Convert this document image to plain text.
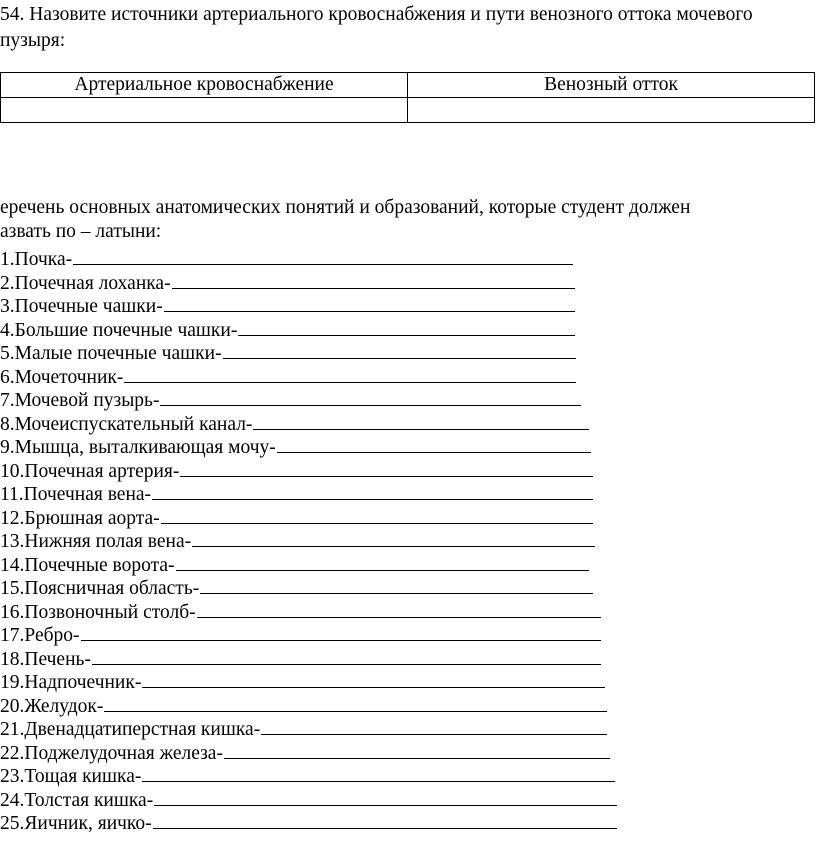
54. Назовите источники артериального кровоснабжения и пути венозного оттока мочевого
пузыря:
Артериальное кровоснабжение	Венозный отток

еречень основных анатомических понятий и образований, которые студент должен
азвать по – латыни:
1.Почка-
2.Почечная лоханка-
3.Почечные чашки-
4.Большие почечные чашки-
5.Малые почечные чашки-
6.Мочеточник-
7.Мочевой пузырь-
8.Мочеиспускательный канал-
9.Мышца, выталкивающая мочу-
10.Почечная артерия-
11.Почечная вена-
12.Брюшная аорта-
13.Нижняя полая вена-
14.Почечные ворота-
15.Поясничная область-
16.Позвоночный столб-
17.Ребро-
18.Печень-
19.Надпочечник-
20.Желудок-
21.Двенадцатиперстная кишка-
22.Поджелудочная железа-
23.Тощая кишка-
24.Толстая кишка-
25.Яичник, яичко-
